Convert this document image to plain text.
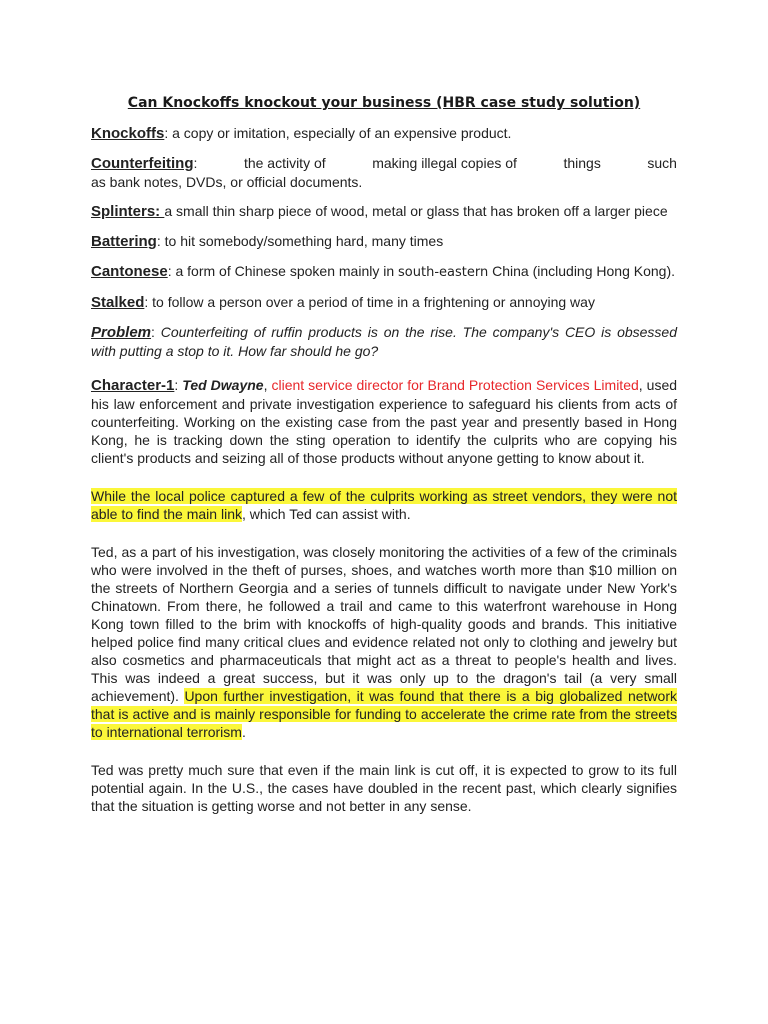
Can Knockoffs knockout your business (HBR case study solution)

Knockoffs: a copy or imitation, especially of an expensive product.

Counterfeiting:	the activity of	making illegal copies of	things	such
as bank notes, DVDs, or official documents.

Splinters: a small thin sharp piece of wood, metal or glass that has broken off a larger piece

Battering: to hit somebody/something hard, many times

Cantonese: a form of Chinese spoken mainly in south-eastern China (including Hong Kong).

Stalked: to follow a person over a period of time in a frightening or annoying way

Problem: Counterfeiting of ruffin products is on the rise. The company's CEO is obsessed with putting a stop to it. How far should he go?

Character-1: Ted Dwayne, client service director for Brand Protection Services Limited, used his law enforcement and private investigation experience to safeguard his clients from acts of counterfeiting. Working on the existing case from the past year and presently based in Hong Kong, he is tracking down the sting operation to identify the culprits who are copying his client's products and seizing all of those products without anyone getting to know about it.

While the local police captured a few of the culprits working as street vendors, they were not able to find the main link, which Ted can assist with.

Ted, as a part of his investigation, was closely monitoring the activities of a few of the criminals who were involved in the theft of purses, shoes, and watches worth more than $10 million on the streets of Northern Georgia and a series of tunnels difficult to navigate under New York's Chinatown. From there, he followed a trail and came to this waterfront warehouse in Hong Kong town filled to the brim with knockoffs of high-quality goods and brands. This initiative helped police find many critical clues and evidence related not only to clothing and jewelry but also cosmetics and pharmaceuticals that might act as a threat to people's health and lives. This was indeed a great success, but it was only up to the dragon's tail (a very small achievement). Upon further investigation, it was found that there is a big globalized network that is active and is mainly responsible for funding to accelerate the crime rate from the streets to international terrorism.

Ted was pretty much sure that even if the main link is cut off, it is expected to grow to its full potential again. In the U.S., the cases have doubled in the recent past, which clearly signifies that the situation is getting worse and not better in any sense.
